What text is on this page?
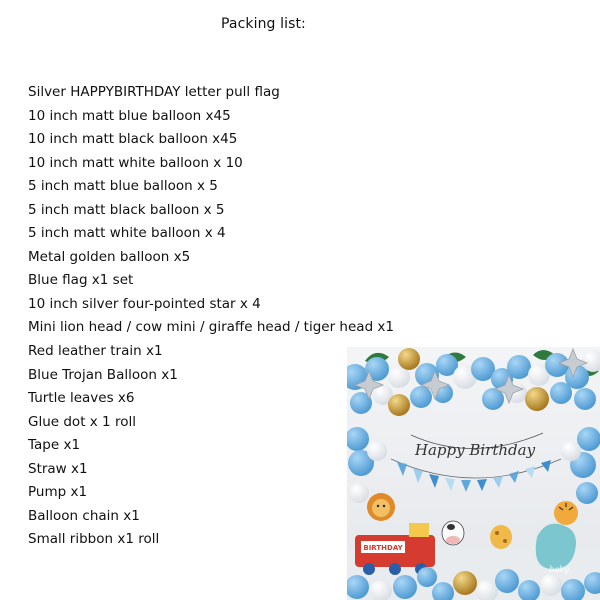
Packing list:
Silver HAPPYBIRTHDAY letter pull flag
10 inch matt blue balloon x45
10 inch matt black balloon x45
10 inch matt white balloon x 10
5 inch matt blue balloon x 5
5 inch matt black balloon x 5
5 inch matt white balloon x 4
Metal golden balloon x5
Blue flag x1 set
10 inch silver four-pointed star x 4
Mini lion head / cow mini / giraffe head / tiger head x1
Red leather train x1
Blue Trojan Balloon x1
Turtle leaves x6
Glue dot x 1 roll
Tape x1
Straw x1
Pump x1
Balloon chain x1
Small ribbon x1 roll
Happy Birthday
baby
BIRTHDAY
